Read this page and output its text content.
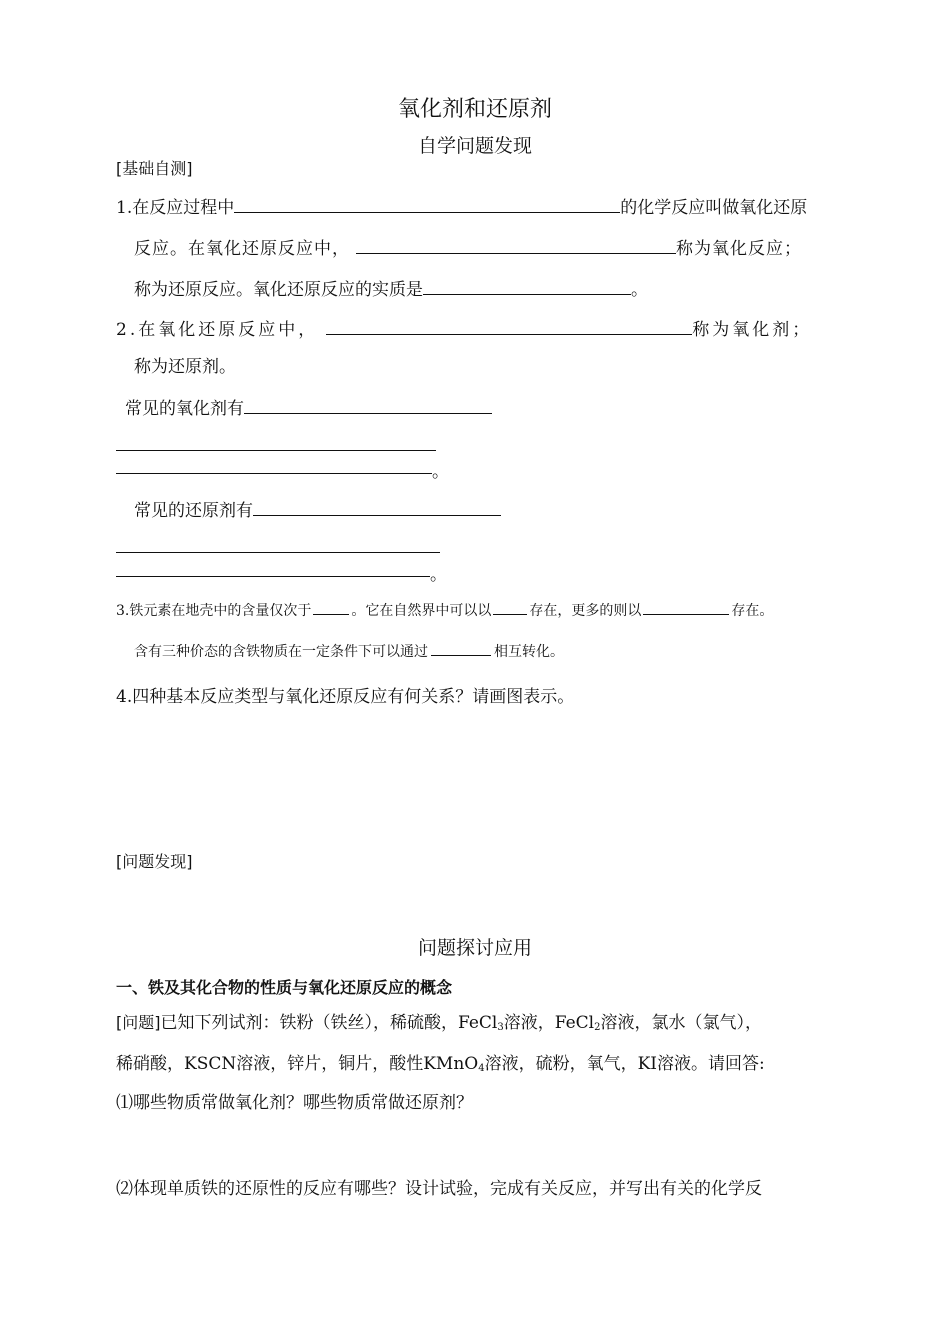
氧化剂和还原剂
自学问题发现
[基础自测]
1.在反应过程中	的化学反应叫做氧化还原
反应。在氧化还原反应中，	称为氧化反应；
称为还原反应。氧化还原反应的实质是	。
2.在氧化还原反应中，	称为氧化剂；
称为还原剂。
常见的氧化剂有
。
常见的还原剂有
。
3.铁元素在地壳中的含量仅次于	。它在自然界中可以以	存在，更多的则以	存在。
含有三种价态的含铁物质在一定条件下可以通过	相互转化。
4.四种基本反应类型与氧化还原反应有何关系？请画图表示。
[问题发现]
问题探讨应用
一、铁及其化合物的性质与氧化还原反应的概念
[问题]已知下列试剂：铁粉（铁丝），稀硫酸，FeCl$_3$溶液，FeCl$_2$溶液，氯水（氯气），
稀硝酸，KSCN溶液，锌片，铜片，酸性KMnO$_4$溶液，硫粉，氧气，KI溶液。请回答:
⑴哪些物质常做氧化剂？哪些物质常做还原剂？
⑵体现单质铁的还原性的反应有哪些？设计试验，完成有关反应，并写出有关的化学反
